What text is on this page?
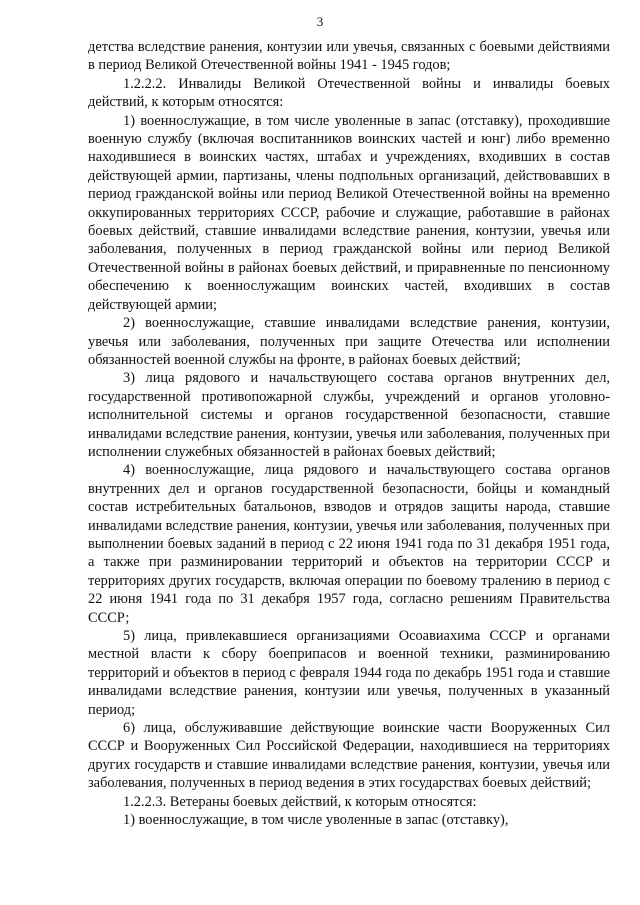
3

детства вследствие ранения, контузии или увечья, связанных с боевыми действиями в период Великой Отечественной войны 1941 - 1945 годов;

1.2.2.2. Инвалиды Великой Отечественной войны и инвалиды боевых действий, к которым относятся:

1) военнослужащие, в том числе уволенные в запас (отставку), проходившие военную службу (включая воспитанников воинских частей и юнг) либо временно находившиеся в воинских частях, штабах и учреждениях, входивших в состав действующей армии, партизаны, члены подпольных организаций, действовавших в период гражданской войны или период Великой Отечественной войны на временно оккупированных территориях СССР, рабочие и служащие, работавшие в районах боевых действий, ставшие инвалидами вследствие ранения, контузии, увечья или заболевания, полученных в период гражданской войны или период Великой Отечественной войны в районах боевых действий, и приравненные по пенсионному обеспечению к военнослужащим воинских частей, входивших в состав действующей армии;

2) военнослужащие, ставшие инвалидами вследствие ранения, контузии, увечья или заболевания, полученных при защите Отечества или исполнении обязанностей военной службы на фронте, в районах боевых действий;

3) лица рядового и начальствующего состава органов внутренних дел, государственной противопожарной службы, учреждений и органов уголовно-исполнительной системы и органов государственной безопасности, ставшие инвалидами вследствие ранения, контузии, увечья или заболевания, полученных при исполнении служебных обязанностей в районах боевых действий;

4) военнослужащие, лица рядового и начальствующего состава органов внутренних дел и органов государственной безопасности, бойцы и командный состав истребительных батальонов, взводов и отрядов защиты народа, ставшие инвалидами вследствие ранения, контузии, увечья или заболевания, полученных при выполнении боевых заданий в период с 22 июня 1941 года по 31 декабря 1951 года, а также при разминировании территорий и объектов на территории СССР и территориях других государств, включая операции по боевому тралению в период с 22 июня 1941 года по 31 декабря 1957 года, согласно решениям Правительства СССР;

5) лица, привлекавшиеся организациями Осоавиахима СССР и органами местной власти к сбору боеприпасов и военной техники, разминированию территорий и объектов в период с февраля 1944 года по декабрь 1951 года и ставшие инвалидами вследствие ранения, контузии или увечья, полученных в указанный период;

6) лица, обслуживавшие действующие воинские части Вооруженных Сил СССР и Вооруженных Сил Российской Федерации, находившиеся на территориях других государств и ставшие инвалидами вследствие ранения, контузии, увечья или заболевания, полученных в период ведения в этих государствах боевых действий;

1.2.2.3. Ветераны боевых действий, к которым относятся:

1) военнослужащие, в том числе уволенные в запас (отставку),
